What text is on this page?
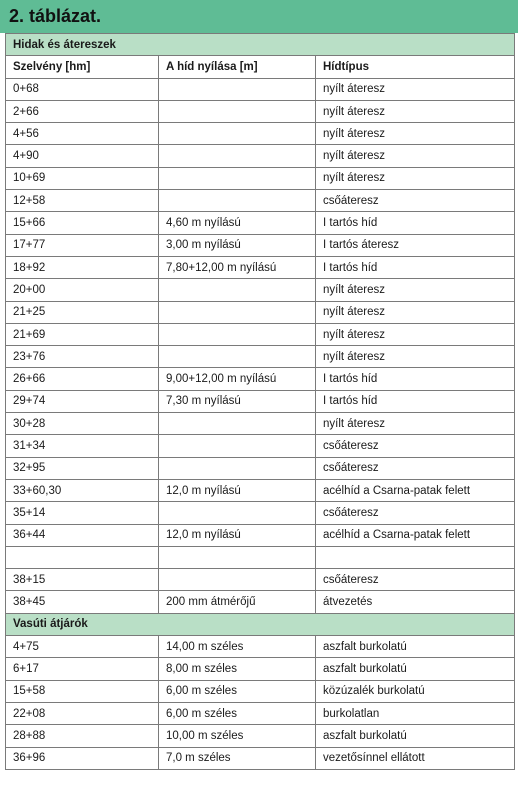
2. táblázat.
Hidak és átereszek		
Szelvény [hm]	A híd nyílása [m]	Hídtípus
0+68		nyílt áteresz
2+66		nyílt áteresz
4+56		nyílt áteresz
4+90		nyílt áteresz
10+69		nyílt áteresz
12+58		csőáteresz
15+66	4,60 m nyílású	I tartós híd
17+77	3,00 m nyílású	I tartós áteresz
18+92	7,80+12,00 m nyílású	I tartós híd
20+00		nyílt áteresz
21+25		nyílt áteresz
21+69		nyílt áteresz
23+76		nyílt áteresz
26+66	9,00+12,00 m nyílású	I tartós híd
29+74	7,30 m nyílású	I tartós híd
30+28		nyílt áteresz
31+34		csőáteresz
32+95		csőáteresz
33+60,30	12,0 m nyílású	acélhíd a Csarna-patak felett
35+14		csőáteresz
36+44	12,0 m nyílású	acélhíd a Csarna-patak felett

38+15		csőáteresz
38+45	200 mm átmérőjű	átvezetés
Vasúti átjárók		
4+75	14,00 m széles	aszfalt burkolatú
6+17	8,00 m széles	aszfalt burkolatú
15+58	6,00 m széles	közúzalék burkolatú
22+08	6,00 m széles	burkolatlan
28+88	10,00 m széles	aszfalt burkolatú
36+96	7,0 m széles	vezetősínnel ellátott
